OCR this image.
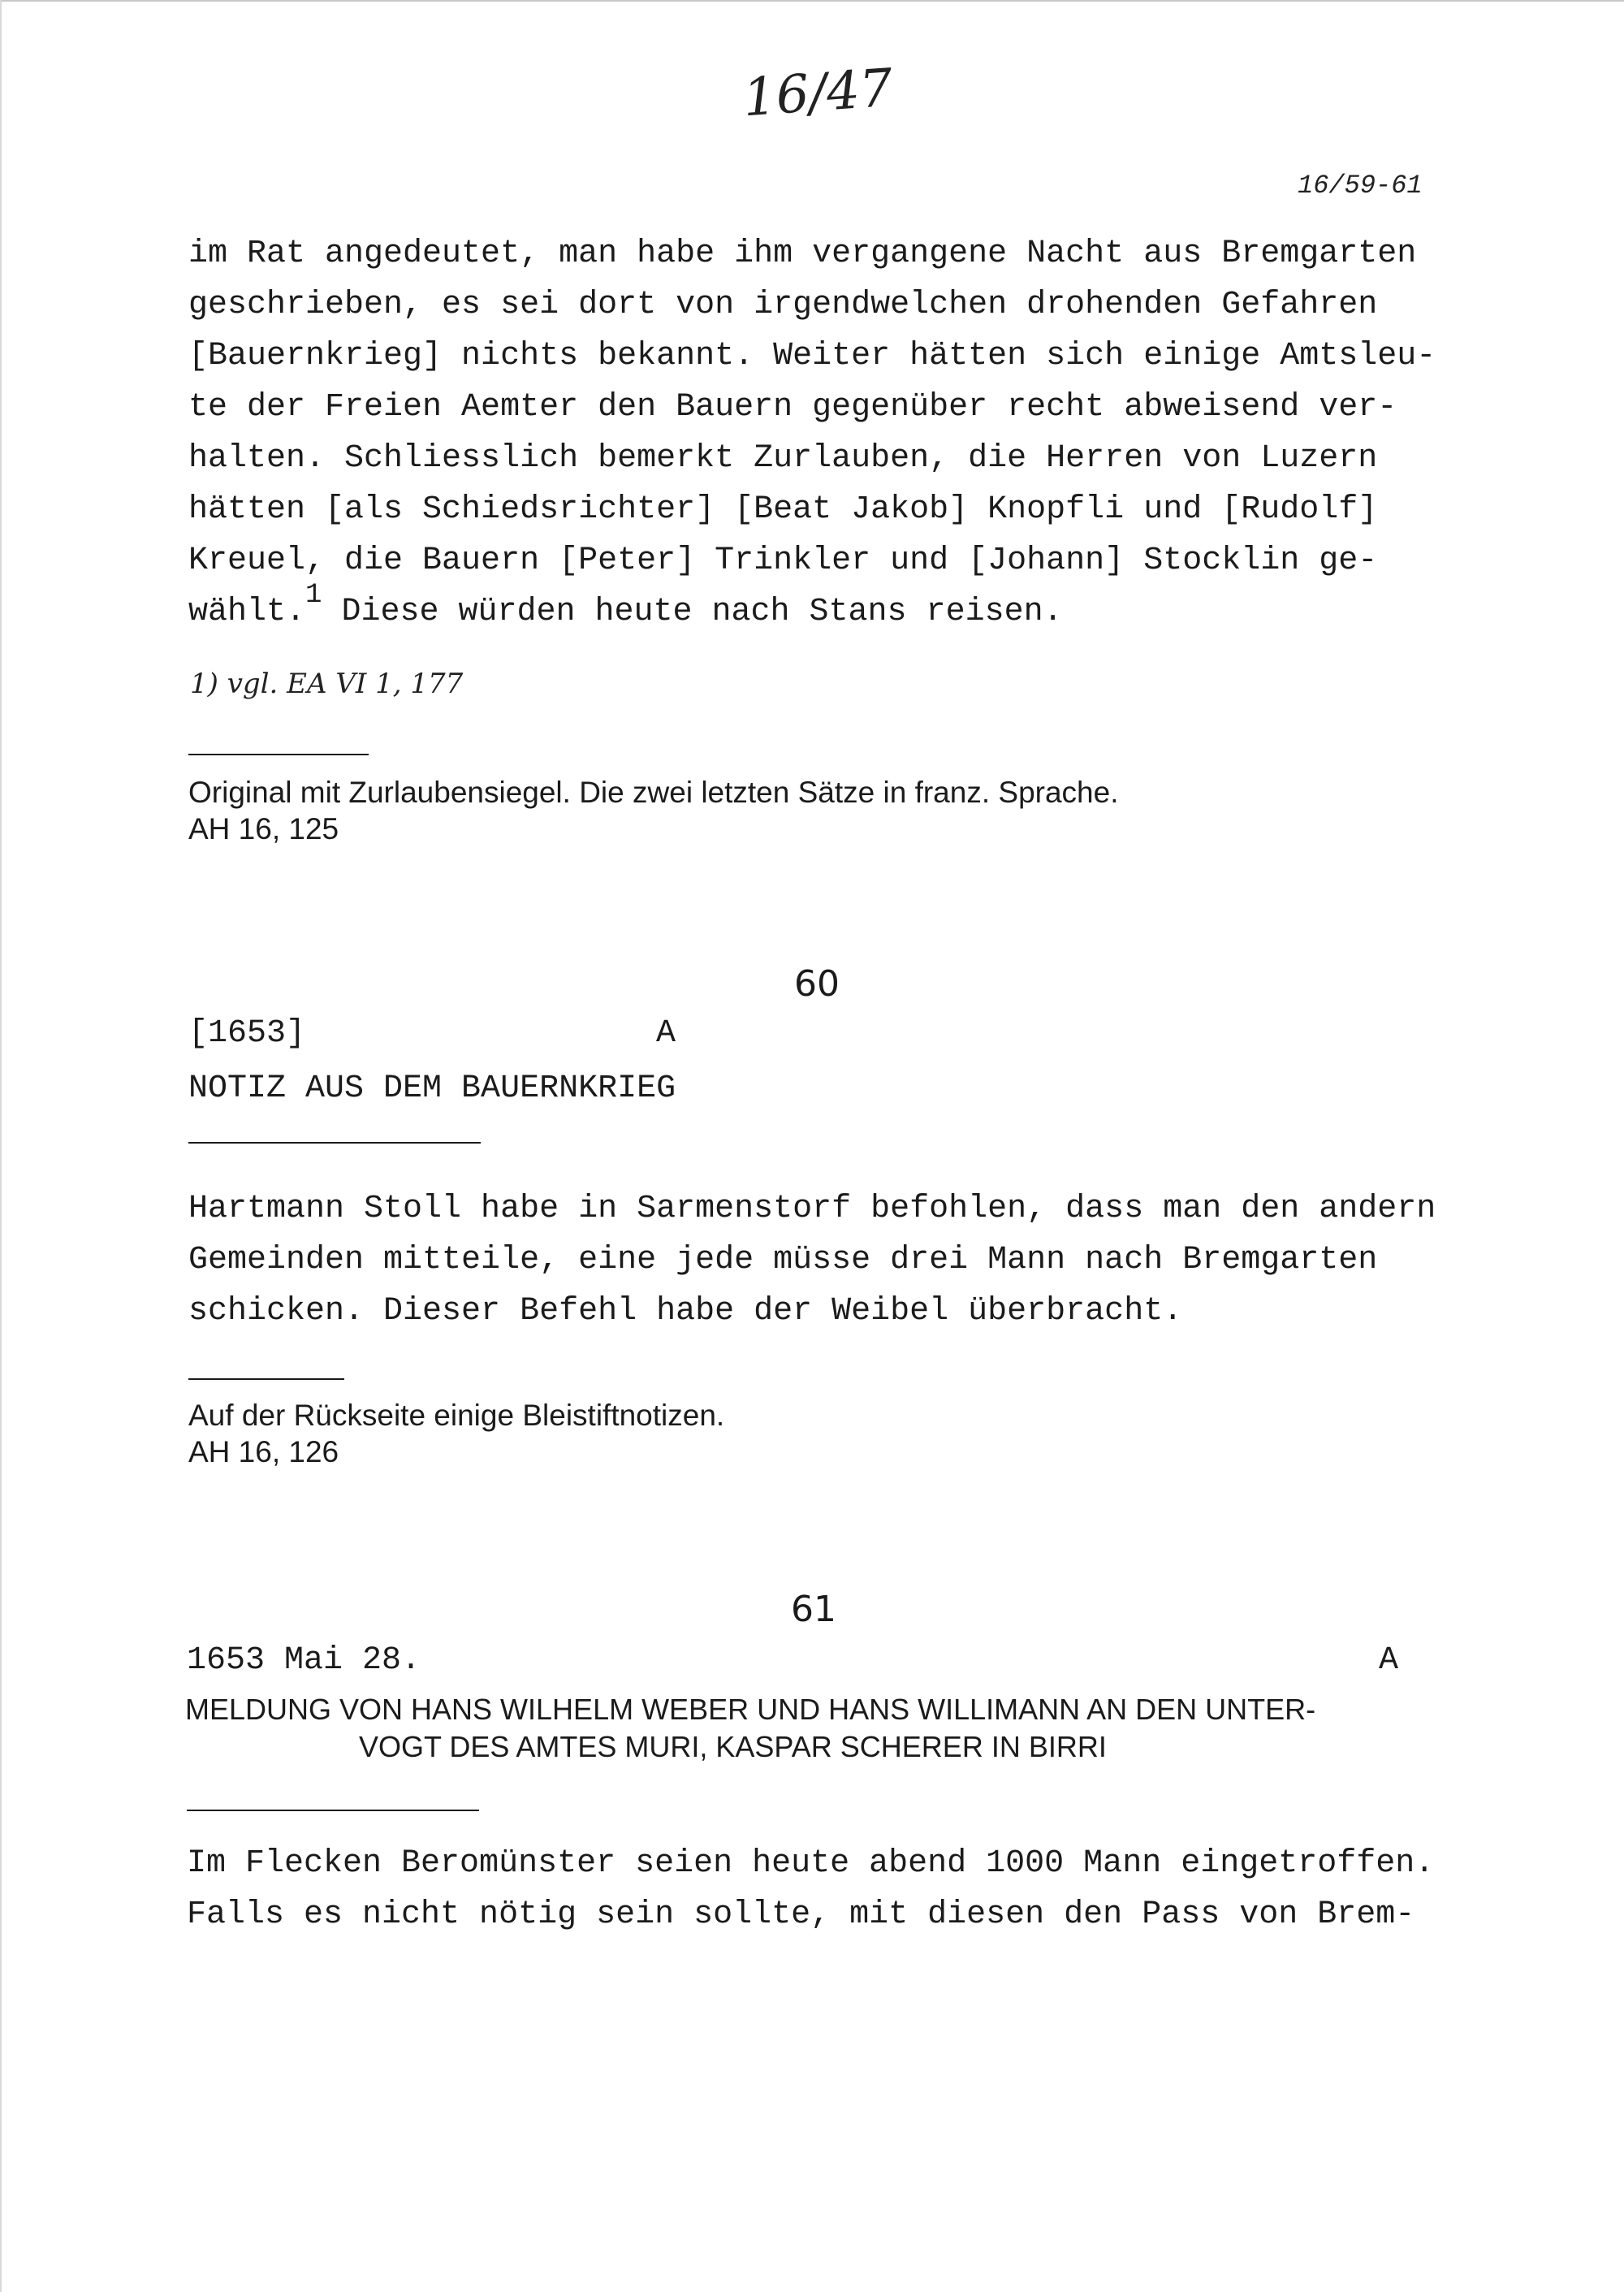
16/47
16/59-61
im Rat angedeutet, man habe ihm vergangene Nacht aus Bremgarten
geschrieben, es sei dort von irgendwelchen drohenden Gefahren
[Bauernkrieg] nichts bekannt. Weiter hätten sich einige Amtsleu-
te der Freien Aemter den Bauern gegenüber recht abweisend ver-
halten. Schliesslich bemerkt Zurlauben, die Herren von Luzern
hätten [als Schiedsrichter] [Beat Jakob] Knopfli und [Rudolf]
Kreuel, die Bauern [Peter] Trinkler und [Johann] Stocklin ge-
wählt.$^1$ Diese würden heute nach Stans reisen.
1) vgl. EA VI 1, 177
Original mit Zurlaubensiegel. Die zwei letzten Sätze in franz. Sprache.
AH 16, 125
60
[1653]	A
NOTIZ AUS DEM BAUERNKRIEG
Hartmann Stoll habe in Sarmenstorf befohlen, dass man den andern
Gemeinden mitteile, eine jede müsse drei Mann nach Bremgarten
schicken. Dieser Befehl habe der Weibel überbracht.
Auf der Rückseite einige Bleistiftnotizen.
AH 16, 126
61
1653 Mai 28.	A
MELDUNG VON HANS WILHELM WEBER UND HANS WILLIMANN AN DEN UNTER-
VOGT DES AMTES MURI, KASPAR SCHERER IN BIRRI
Im Flecken Beromünster seien heute abend 1000 Mann eingetroffen.
Falls es nicht nötig sein sollte, mit diesen den Pass von Brem-
